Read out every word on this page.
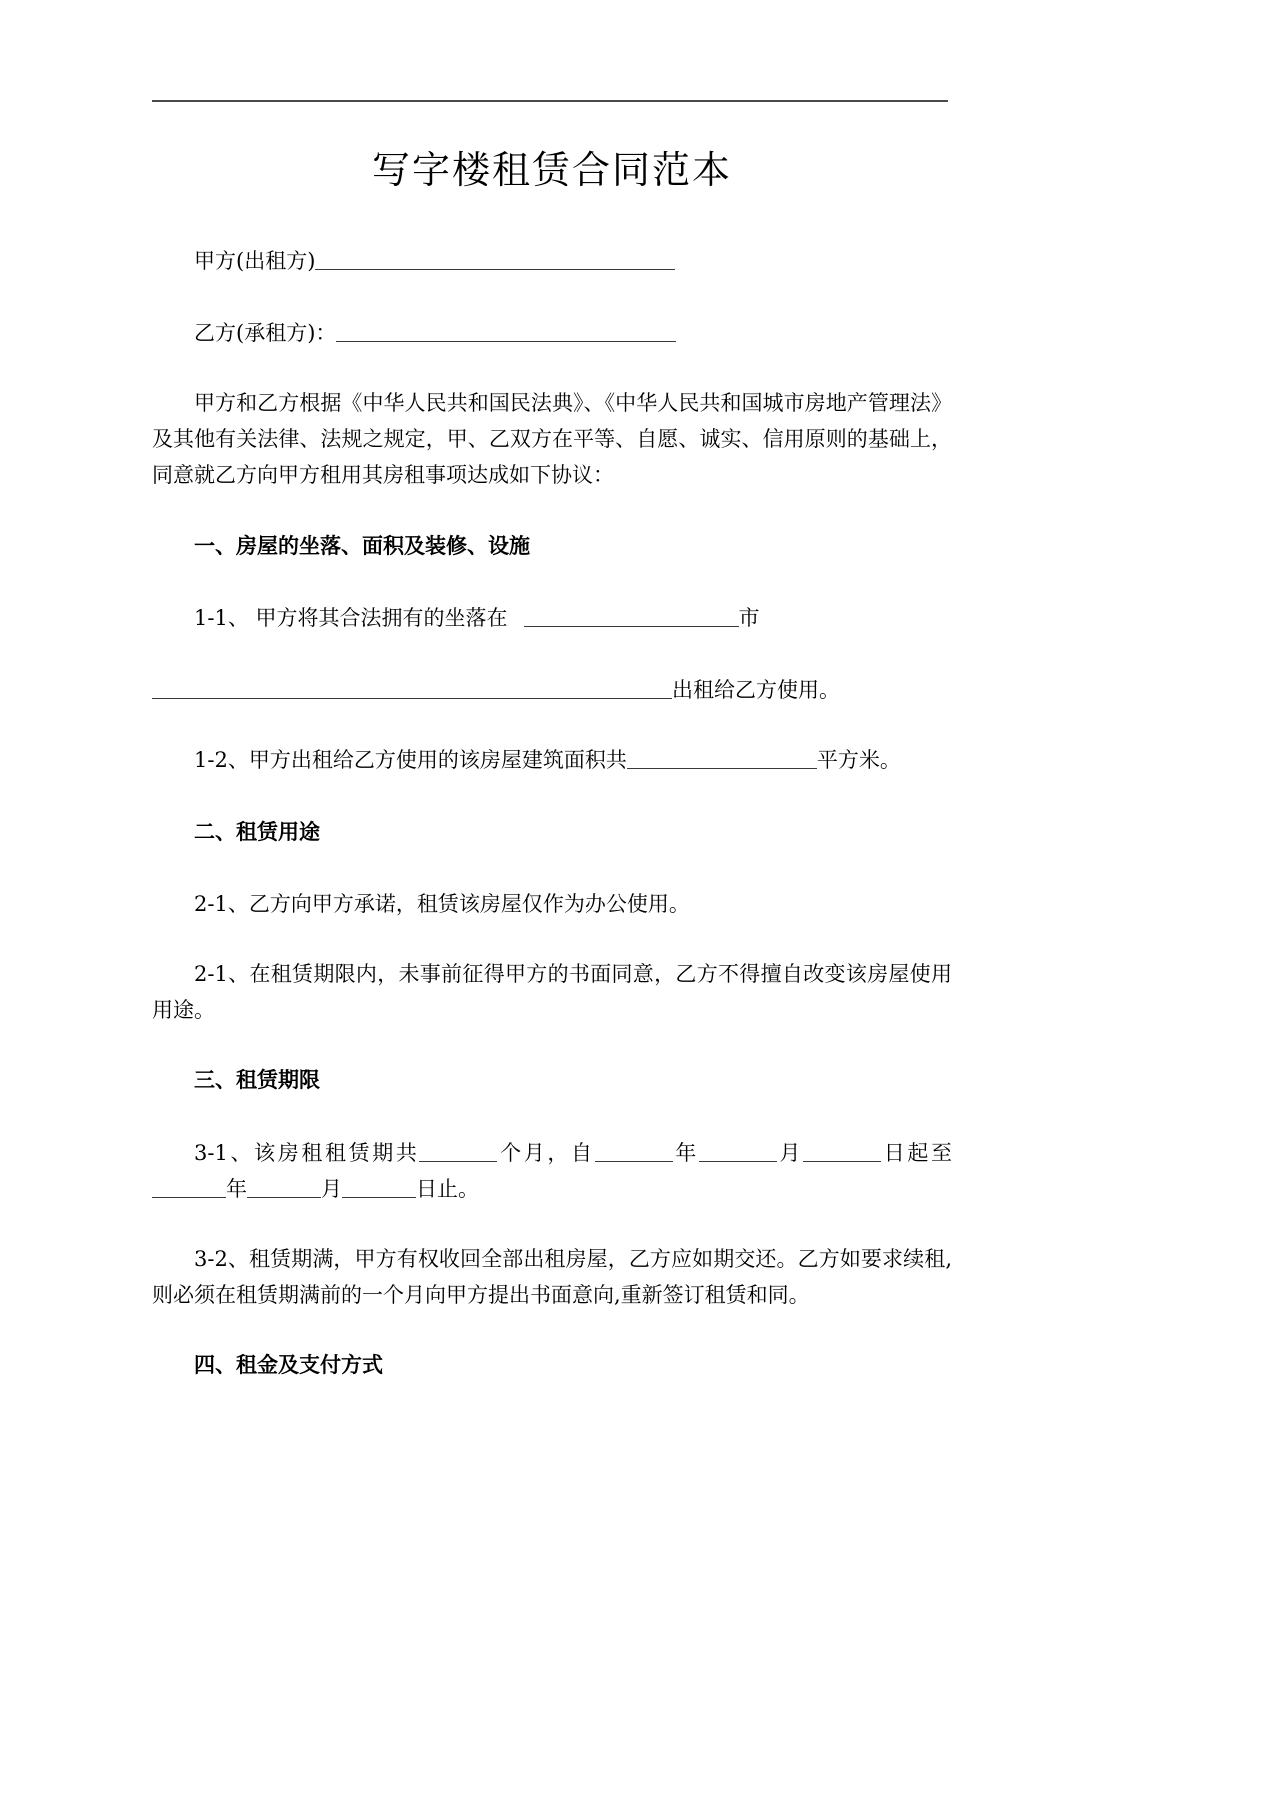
写字楼租赁合同范本

甲方(出租方)

乙方(承租方)：

甲方和乙方根据《中华人民共和国民法典》、《中华人民共和国城市房地产管理法》及其他有关法律、法规之规定，甲、乙双方在平等、自愿、诚实、信用原则的基础上，同意就乙方向甲方租用其房租事项达成如下协议：

一、房屋的坐落、面积及装修、设施

1-1、 甲方将其合法拥有的坐落在	市

出租给乙方使用。

1-2、甲方出租给乙方使用的该房屋建筑面积共	平方米。

二、租赁用途

2-1、乙方向甲方承诺，租赁该房屋仅作为办公使用。

2-1、在租赁期限内，未事前征得甲方的书面同意，乙方不得擅自改变该房屋使用用途。

三、租赁期限

3-1、该房租租赁期共	个月，自	年	月	日起至年	月	日止。

3-2、租赁期满，甲方有权收回全部出租房屋，乙方应如期交还。乙方如要求续租,则必须在租赁期满前的一个月向甲方提出书面意向,重新签订租赁和同。

四、租金及支付方式
